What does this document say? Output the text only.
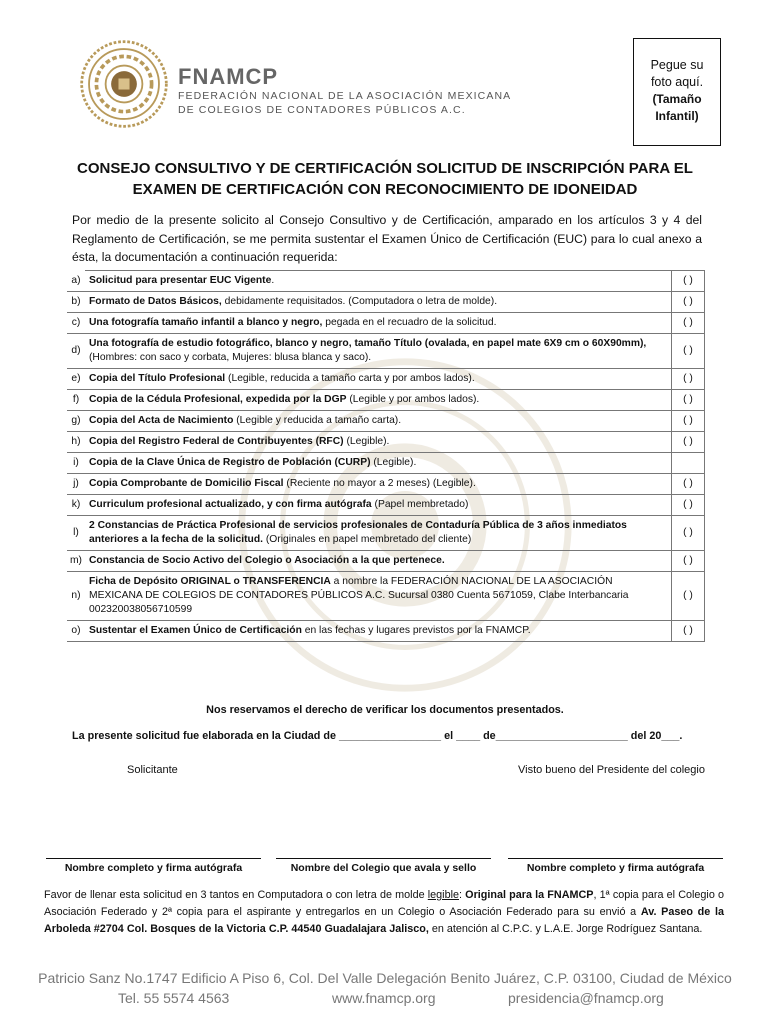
FNAMCP
FEDERACIÓN NACIONAL DE LA ASOCIACIÓN MEXICANA
DE COLEGIOS DE CONTADORES PÚBLICOS A.C.
Pegue su
foto aquí.
(Tamaño
Infantil)
CONSEJO CONSULTIVO Y DE CERTIFICACIÓN SOLICITUD DE INSCRIPCIÓN PARA EL
EXAMEN DE CERTIFICACIÓN CON RECONOCIMIENTO DE IDONEIDAD
Por medio de la presente solicito al Consejo Consultivo y de Certificación, amparado en los artículos 3 y 4 del Reglamento de Certificación, se me permita sustentar el Examen Único de Certificación (EUC) para lo cual anexo a ésta, la documentación a continuación requerida:
a)	Solicitud para presentar EUC Vigente.	( )
b)	Formato de Datos Básicos, debidamente requisitados. (Computadora o letra de molde).	( )
c)	Una fotografía tamaño infantil a blanco y negro, pegada en el recuadro de la solicitud.	( )
d)	Una fotografía de estudio fotográfico, blanco y negro, tamaño Título (ovalada, en papel mate 6X9 cm o 60X90mm), (Hombres: con saco y corbata, Mujeres: blusa blanca y saco).	( )
e)	Copia del Título Profesional (Legible, reducida a tamaño carta y por ambos lados).	( )
f)	Copia de la Cédula Profesional, expedida por la DGP (Legible y por ambos lados).	( )
g)	Copia del Acta de Nacimiento (Legible y reducida a tamaño carta).	( )
h)	Copia del Registro Federal de Contribuyentes (RFC) (Legible).	( )
i)	Copia de la Clave Única de Registro de Población (CURP) (Legible).	
j)	Copia Comprobante de Domicilio Fiscal (Reciente no mayor a 2 meses) (Legible).	( )
k)	Curriculum profesional actualizado, y con firma autógrafa (Papel membretado)	( )
l)	2 Constancias de Práctica Profesional de servicios profesionales de Contaduría Pública de 3 años inmediatos anteriores a la fecha de la solicitud. (Originales en papel membretado del cliente)	( )
m)	Constancia de Socio Activo del Colegio o Asociación a la que pertenece.	( )
n)	Ficha de Depósito ORIGINAL o TRANSFERENCIA a nombre la FEDERACIÓN NACIONAL DE LA ASOCIACIÓN MEXICANA DE COLEGIOS DE CONTADORES PÚBLICOS A.C. Sucursal 0380 Cuenta 5671059, Clabe Interbancaria 002320038056710599	( )
o)	Sustentar el Examen Único de Certificación en las fechas y lugares previstos por la FNAMCP.	( )
Nos reservamos el derecho de verificar los documentos presentados.
La presente solicitud fue elaborada en la Ciudad de _________________ el ____ de______________________ del 20___.
Solicitante	Visto bueno del Presidente del colegio
Nombre completo y firma autógrafa	Nombre del Colegio que avala y sello	Nombre completo y firma autógrafa
Favor de llenar esta solicitud en 3 tantos en Computadora o con letra de molde legible: Original para la FNAMCP, 1ª copia para el Colegio o Asociación Federado y 2ª copia para el aspirante y entregarlos en un Colegio o Asociación Federado para su envió a Av. Paseo de la Arboleda #2704 Col. Bosques de la Victoria C.P. 44540 Guadalajara Jalisco, en atención al C.P.C. y L.A.E. Jorge Rodríguez Santana.
Patricio Sanz No.1747 Edificio A Piso 6, Col. Del Valle Delegación Benito Juárez, C.P. 03100, Ciudad de México
Tel. 55 5574 4563	www.fnamcp.org	presidencia@fnamcp.org
